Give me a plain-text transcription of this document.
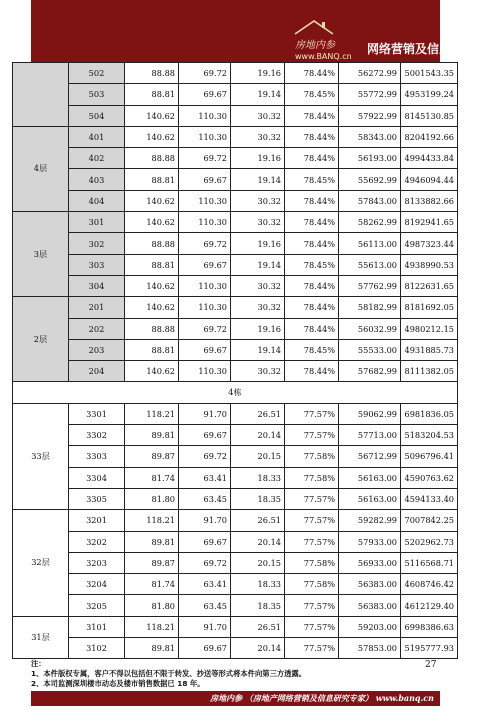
房地内参
www.BANQ.cn
网络营销及信息研究专家
	502	88.88	69.72	19.16	78.44%	56272.99	5001543.35
	503	88.81	69.67	19.14	78.45%	55772.99	4953199.24
	504	140.62	110.30	30.32	78.44%	57922.99	8145130.85
4层	401	140.62	110.30	30.32	78.44%	58343.00	8204192.66
	402	88.88	69.72	19.16	78.44%	56193.00	4994433.84
	403	88.81	69.67	19.14	78.45%	55692.99	4946094.44
	404	140.62	110.30	30.32	78.44%	57843.00	8133882.66
3层	301	140.62	110.30	30.32	78.44%	58262.99	8192941.65
	302	88.88	69.72	19.16	78.44%	56113.00	4987323.44
	303	88.81	69.67	19.14	78.45%	55613.00	4938990.53
	304	140.62	110.30	30.32	78.44%	57762.99	8122631.65
2层	201	140.62	110.30	30.32	78.44%	58182.99	8181692.05
	202	88.88	69.72	19.16	78.44%	56032.99	4980212.15
	203	88.81	69.67	19.14	78.45%	55533.00	4931885.73
	204	140.62	110.30	30.32	78.44%	57682.99	8111382.05
4栋							
33层	3301	118.21	91.70	26.51	77.57%	59062.99	6981836.05
	3302	89.81	69.67	20.14	77.57%	57713.00	5183204.53
	3303	89.87	69.72	20.15	77.58%	56712.99	5096796.41
	3304	81.74	63.41	18.33	77.58%	56163.00	4590763.62
	3305	81.80	63.45	18.35	77.57%	56163.00	4594133.40
32层	3201	118.21	91.70	26.51	77.57%	59282.99	7007842.25
	3202	89.81	69.67	20.14	77.57%	57933.00	5202962.73
	3203	89.87	69.72	20.15	77.58%	56933.00	5116568.71
	3204	81.74	63.41	18.33	77.58%	56383.00	4608746.42
	3205	81.80	63.45	18.35	77.57%	56383.00	4612129.40
31层	3101	118.21	91.70	26.51	77.57%	59203.00	6998386.63
	3102	89.81	69.67	20.14	77.57%	57853.00	5195777.93
注：
1、本件版权专属，客户不得以包括但不限于转发、抄送等形式将本件向第三方透露。
2、本司监测深圳楼市动态及楼市销售数据已 18 年。
27
房地内参 （房地产网络营销及信息研究专家） www.banq.cn
